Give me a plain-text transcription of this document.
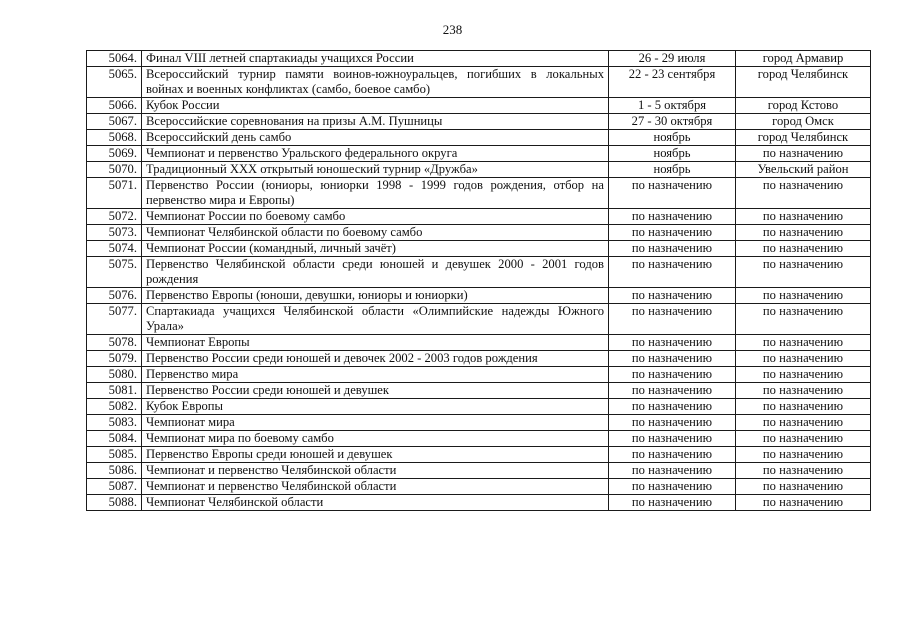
238
5064.	Финал VIII летней спартакиады учащихся России	26 - 29 июля	город Армавир
5065.	Всероссийский турнир памяти воинов-южноуральцев, погибших в локальных войнах и военных конфликтах (самбо, боевое самбо)	22 - 23 сентября	город Челябинск
5066.	Кубок России	1 - 5 октября	город Кстово
5067.	Всероссийские соревнования на призы А.М. Пушницы	27 - 30 октября	город Омск
5068.	Всероссийский день самбо	ноябрь	город Челябинск
5069.	Чемпионат и первенство Уральского федерального округа	ноябрь	по назначению
5070.	Традиционный XXX открытый юношеский турнир «Дружба»	ноябрь	Увельский район
5071.	Первенство России (юниоры, юниорки 1998 - 1999 годов рождения, отбор на первенство мира и Европы)	по назначению	по назначению
5072.	Чемпионат России по боевому самбо	по назначению	по назначению
5073.	Чемпионат Челябинской области по боевому самбо	по назначению	по назначению
5074.	Чемпионат России (командный, личный зачёт)	по назначению	по назначению
5075.	Первенство Челябинской области среди юношей и девушек 2000 - 2001 годов рождения	по назначению	по назначению
5076.	Первенство Европы (юноши, девушки, юниоры и юниорки)	по назначению	по назначению
5077.	Спартакиада учащихся Челябинской области «Олимпийские надежды Южного Урала»	по назначению	по назначению
5078.	Чемпионат Европы	по назначению	по назначению
5079.	Первенство России среди юношей и девочек 2002 - 2003 годов рождения	по назначению	по назначению
5080.	Первенство мира	по назначению	по назначению
5081.	Первенство России среди юношей и девушек	по назначению	по назначению
5082.	Кубок Европы	по назначению	по назначению
5083.	Чемпионат мира	по назначению	по назначению
5084.	Чемпионат мира по боевому самбо	по назначению	по назначению
5085.	Первенство Европы среди юношей и девушек	по назначению	по назначению
5086.	Чемпионат и первенство Челябинской области	по назначению	по назначению
5087.	Чемпионат и первенство Челябинской области	по назначению	по назначению
5088.	Чемпионат Челябинской области	по назначению	по назначению
